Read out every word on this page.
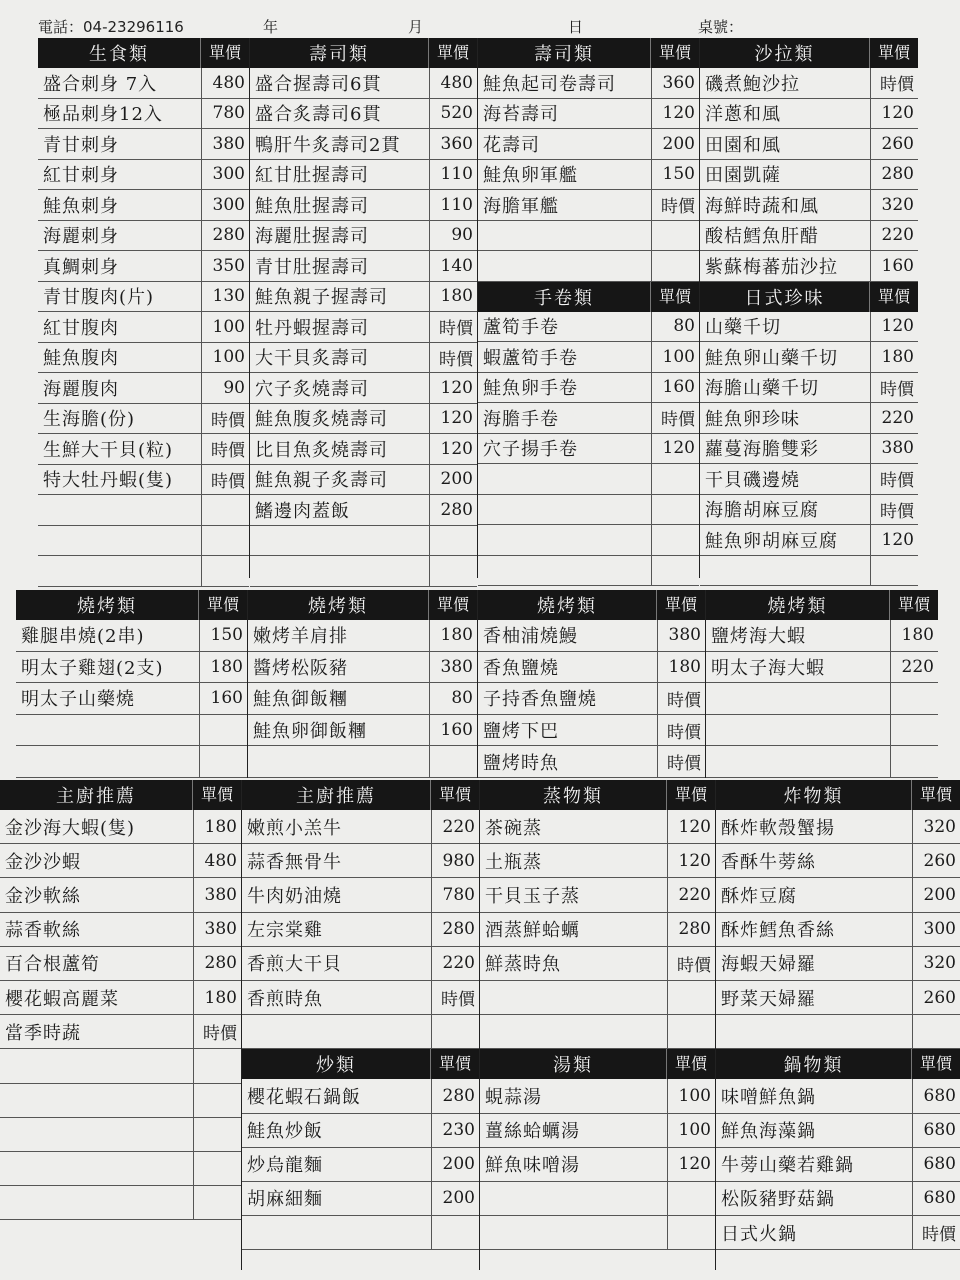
電話：04-23296116	年	月	日	桌號：
生食類	單價
盛合刺身 7入	480
極品刺身12入	780
青甘刺身	380
紅甘刺身	300
鮭魚刺身	300
海麗刺身	280
真鯛刺身	350
青甘腹肉(片)	130
紅甘腹肉	100
鮭魚腹肉	100
海麗腹肉	90
生海膽(份)	時價
生鮮大干貝(粒)	時價
特大牡丹蝦(隻)	時價
壽司類	單價
盛合握壽司6貫	480
盛合炙壽司6貫	520
鴨肝牛炙壽司2貫	360
紅甘肚握壽司	110
鮭魚肚握壽司	110
海麗肚握壽司	90
青甘肚握壽司	140
鮭魚親子握壽司	180
牡丹蝦握壽司	時價
大干貝炙壽司	時價
穴子炙燒壽司	120
鮭魚腹炙燒壽司	120
比目魚炙燒壽司	120
鮭魚親子炙壽司	200
鰭邊肉蓋飯	280
壽司類	單價
鮭魚起司卷壽司	360
海苔壽司	120
花壽司	200
鮭魚卵軍艦	150
海膽軍艦	時價
手卷類	單價
蘆筍手卷	80
蝦蘆筍手卷	100
鮭魚卵手卷	160
海膽手卷	時價
穴子揚手卷	120
沙拉類	單價
磯煮鮑沙拉	時價
洋蔥和風	120
田園和風	260
田園凱薩	280
海鮮時蔬和風	320
酸桔鱈魚肝醋	220
紫蘇梅蕃茄沙拉	160
日式珍味	單價
山藥千切	120
鮭魚卵山藥千切	180
海膽山藥千切	時價
鮭魚卵珍味	220
蘿蔓海膽雙彩	380
干貝磯邊燒	時價
海膽胡麻豆腐	時價
鮭魚卵胡麻豆腐	120
燒烤類	單價
雞腿串燒(2串)	150
明太子雞翅(2支)	180
明太子山藥燒	160
燒烤類	單價
嫩烤羊肩排	180
醬烤松阪豬	380
鮭魚御飯糰	80
鮭魚卵御飯糰	160
燒烤類	單價
香柚浦燒鰻	380
香魚鹽燒	180
子持香魚鹽燒	時價
鹽烤下巴	時價
鹽烤時魚	時價
燒烤類	單價
鹽烤海大蝦	180
明太子海大蝦	220
主廚推薦	單價
金沙海大蝦(隻)	180
金沙沙蝦	480
金沙軟絲	380
蒜香軟絲	380
百合根蘆筍	280
櫻花蝦高麗菜	180
當季時蔬	時價
主廚推薦	單價
嫩煎小羔牛	220
蒜香無骨牛	980
牛肉奶油燒	780
左宗棠雞	280
香煎大干貝	220
香煎時魚	時價
炒類	單價
櫻花蝦石鍋飯	280
鮭魚炒飯	230
炒烏龍麵	200
胡麻細麵	200
蒸物類	單價
茶碗蒸	120
土瓶蒸	120
干貝玉子蒸	220
酒蒸鮮蛤蠣	280
鮮蒸時魚	時價
湯類	單價
蜆蒜湯	100
薑絲蛤蠣湯	100
鮮魚味噌湯	120
炸物類	單價
酥炸軟殼蟹揚	320
香酥牛蒡絲	260
酥炸豆腐	200
酥炸鱈魚香絲	300
海蝦天婦羅	320
野菜天婦羅	260
鍋物類	單價
味噌鮮魚鍋	680
鮮魚海藻鍋	680
牛蒡山藥若雞鍋	680
松阪豬野菇鍋	680
日式火鍋	時價
